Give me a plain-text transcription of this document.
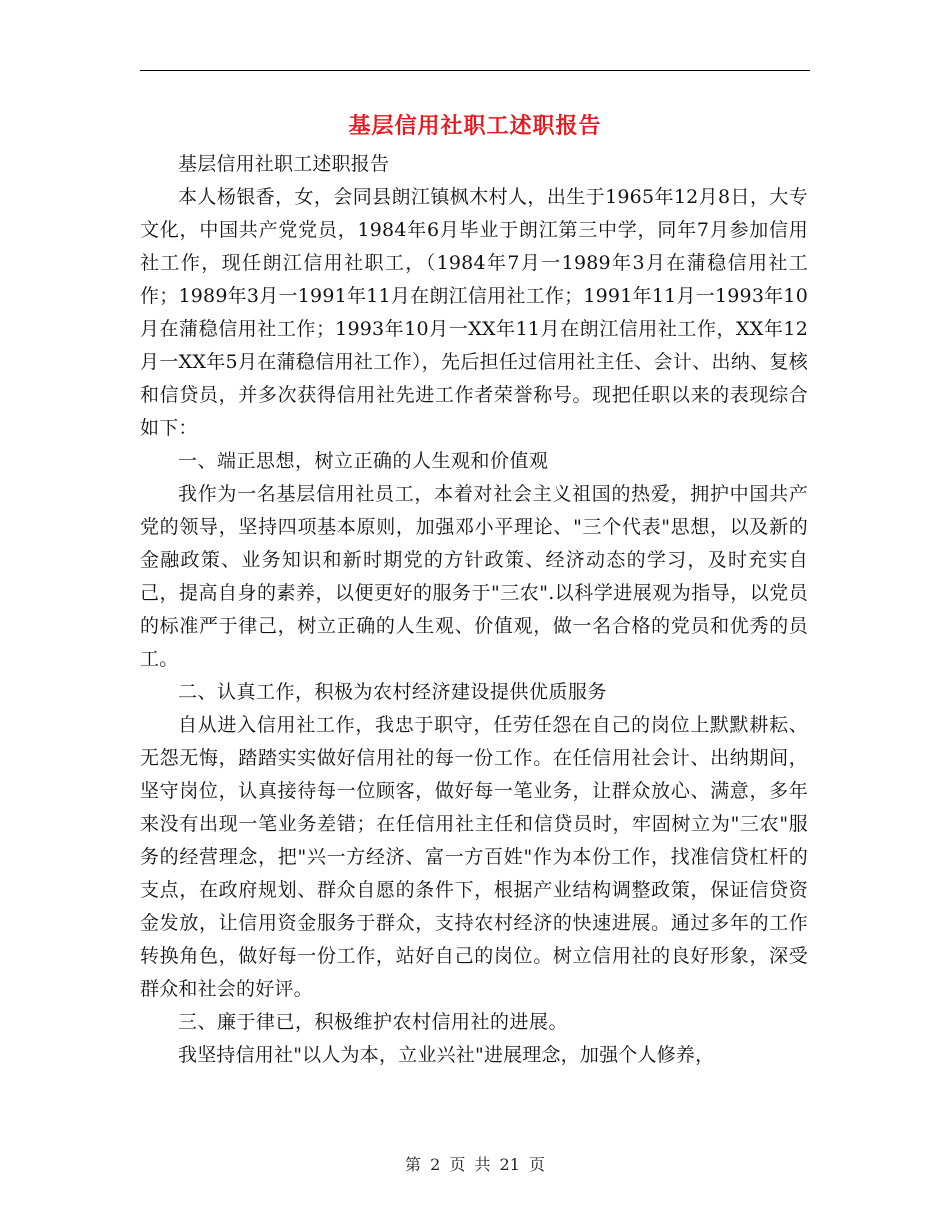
基层信用社职工述职报告

基层信用社职工述职报告

本人杨银香，女，会同县朗江镇枫木村人，出生于1965年12月8日，大专文化，中国共产党党员，1984年6月毕业于朗江第三中学，同年7月参加信用社工作，现任朗江信用社职工，（1984年7月一1989年3月在蒲稳信用社工作；1989年3月一1991年11月在朗江信用社工作；1991年11月一1993年10月在蒲稳信用社工作；1993年10月一XX年11月在朗江信用社工作，XX年12月一XX年5月在蒲稳信用社工作），先后担任过信用社主任、会计、出纳、复核和信贷员，并多次获得信用社先进工作者荣誉称号。现把任职以来的表现综合如下：

一、端正思想，树立正确的人生观和价值观

我作为一名基层信用社员工，本着对社会主义祖国的热爱，拥护中国共产党的领导，坚持四项基本原则，加强邓小平理论、"三个代表"思想，以及新的金融政策、业务知识和新时期党的方针政策、经济动态的学习，及时充实自己，提高自身的素养，以便更好的服务于"三农".以科学进展观为指导，以党员的标准严于律己，树立正确的人生观、价值观，做一名合格的党员和优秀的员工。

二、认真工作，积极为农村经济建设提供优质服务

自从进入信用社工作，我忠于职守，任劳任怨在自己的岗位上默默耕耘、无怨无悔，踏踏实实做好信用社的每一份工作。在任信用社会计、出纳期间，坚守岗位，认真接待每一位顾客，做好每一笔业务，让群众放心、满意，多年来没有出现一笔业务差错；在任信用社主任和信贷员时，牢固树立为"三农"服务的经营理念，把"兴一方经济、富一方百姓"作为本份工作，找准信贷杠杆的支点，在政府规划、群众自愿的条件下，根据产业结构调整政策，保证信贷资金发放，让信用资金服务于群众，支持农村经济的快速进展。通过多年的工作转换角色，做好每一份工作，站好自己的岗位。树立信用社的良好形象，深受群众和社会的好评。

三、廉于律已，积极维护农村信用社的进展。

我坚持信用社"以人为本，立业兴社"进展理念，加强个人修养，

第 2 页 共 21 页
